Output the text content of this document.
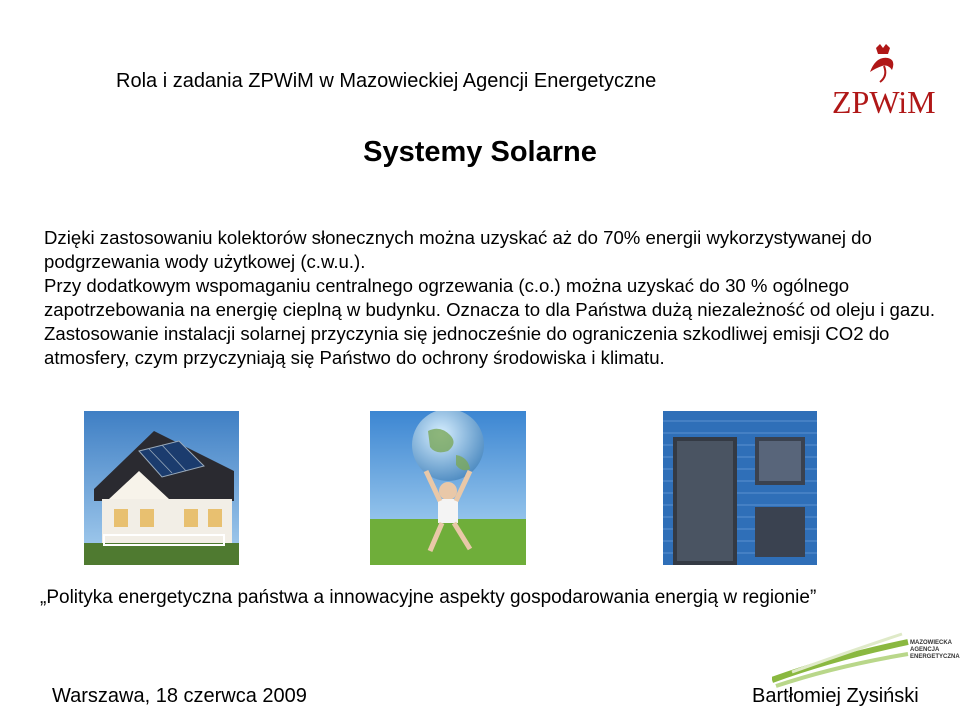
Rola i zadania ZPWiM w Mazowieckiej Agencji Energetyczne
ZPWiM
Systemy Solarne
Dzięki zastosowaniu kolektorów słonecznych można uzyskać aż do 70% energii wykorzystywanej do podgrzewania wody użytkowej (c.w.u.).
Przy dodatkowym wspomaganiu centralnego ogrzewania (c.o.) można uzyskać do 30 % ogólnego zapotrzebowania na energię cieplną w budynku. Oznacza to dla Państwa dużą niezależność od oleju i gazu. Zastosowanie instalacji solarnej przyczynia się jednocześnie do ograniczenia szkodliwej emisji CO2 do atmosfery, czym przyczyniają się Państwo do ochrony środowiska i klimatu.
„Polityka energetyczna państwa a innowacyjne aspekty gospodarowania energią w regionie”
MAZOWIECKA AGENCJA ENERGETYCZNA
Warszawa, 18 czerwca 2009	Bartłomiej Zysiński
